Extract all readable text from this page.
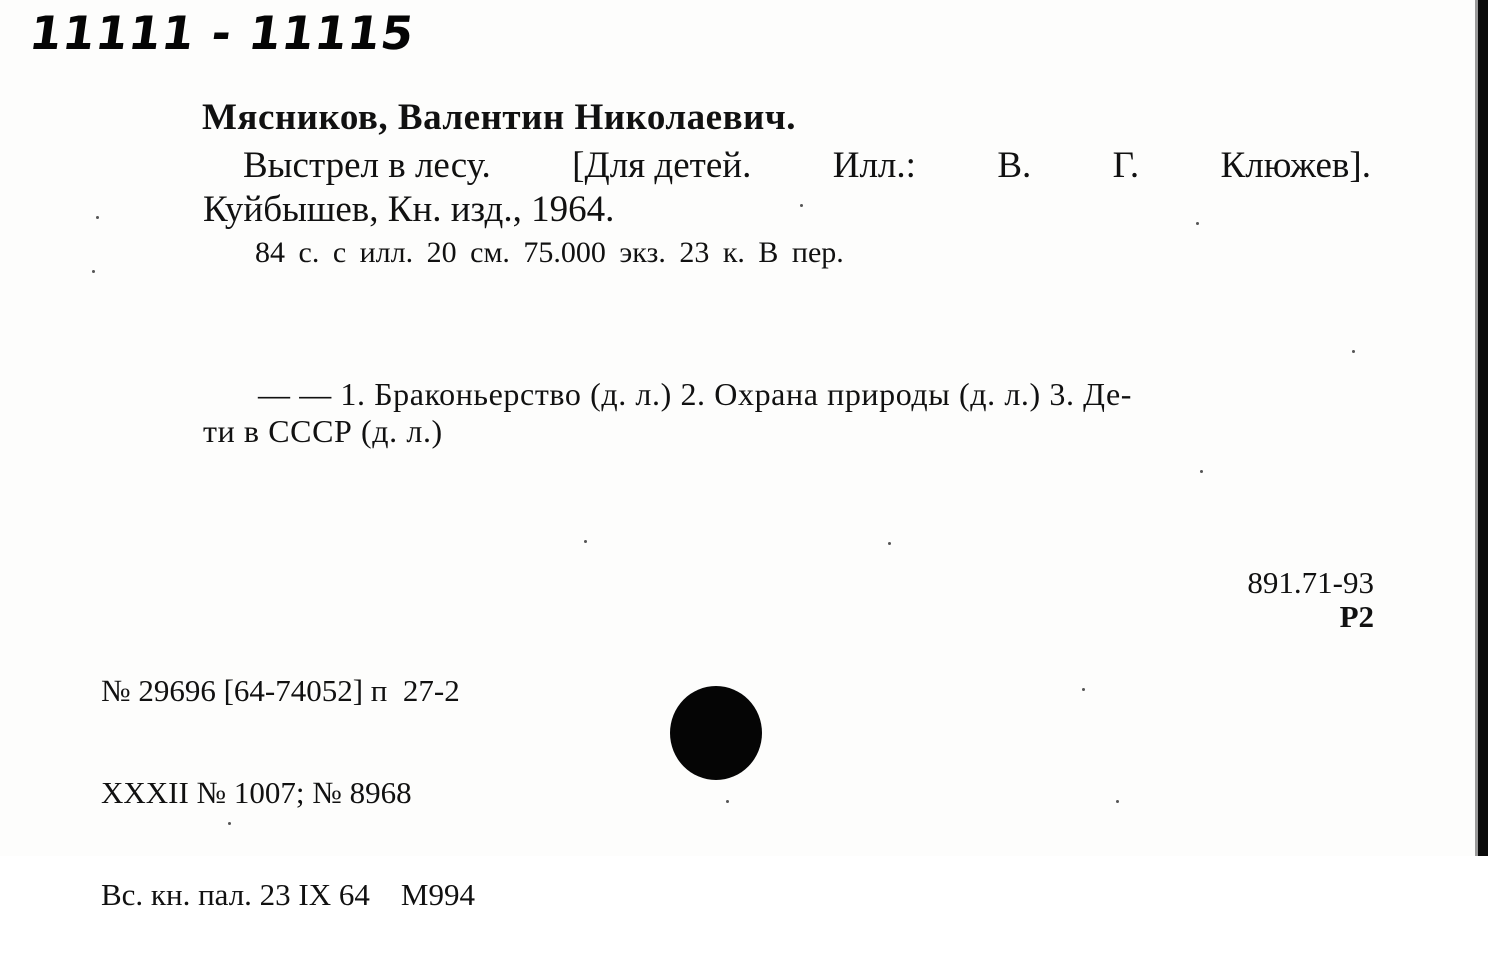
11111 - 11115
Мясников, Валентин Николаевич.
Выстрел в лесу. [Для детей. Илл.: В. Г. Клюжев].
Куйбышев, Кн. изд., 1964.
84 с. с илл. 20 см. 75.000 экз. 23 к. В пер.
— — 1. Браконьерство (д. л.) 2. Охрана природы (д. л.) 3. Де-
ти в СССР (д. л.)
891.71-93
Р2

№ 29696 [64-74052] п  27-2

XXXII № 1007; № 8968

Вс. кн. пал. 23 IX 64    М994
